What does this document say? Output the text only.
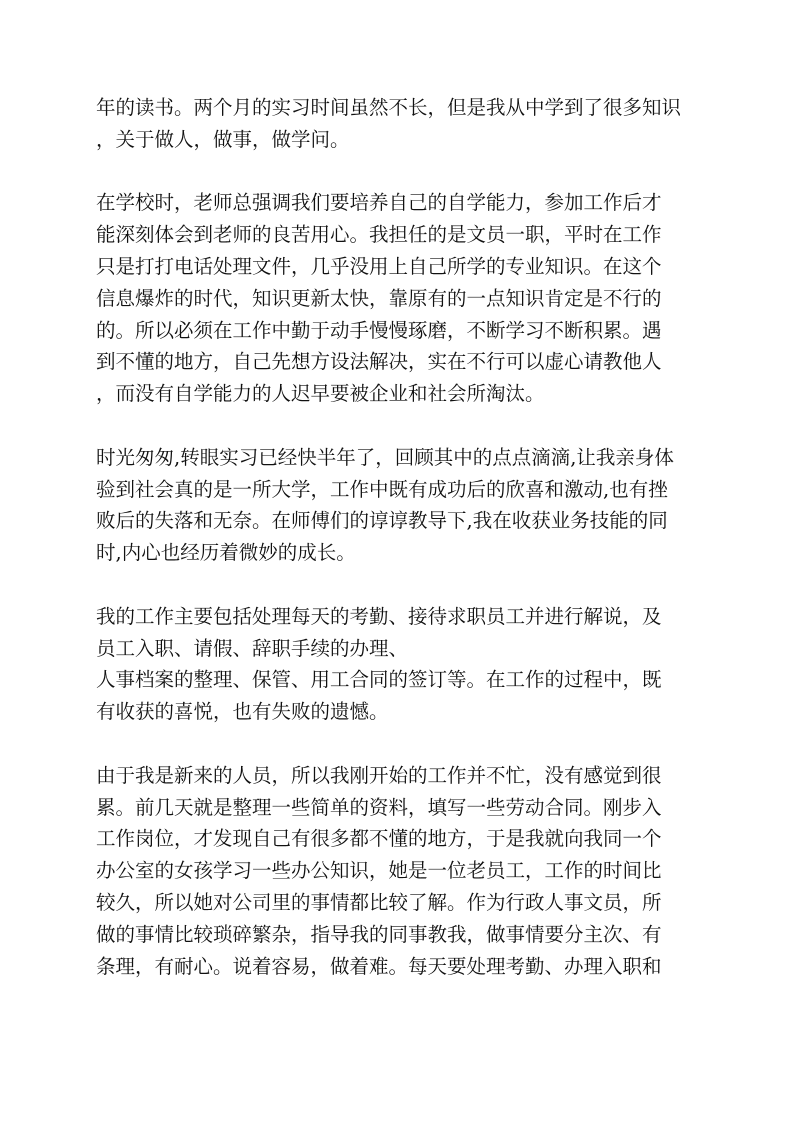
年的读书。两个月的实习时间虽然不长，但是我从中学到了很多知识
，关于做人，做事，做学问。

在学校时，老师总强调我们要培养自己的自学能力，参加工作后才
能深刻体会到老师的良苦用心。我担任的是文员一职，平时在工作
只是打打电话处理文件，几乎没用上自己所学的专业知识。在这个
信息爆炸的时代，知识更新太快，靠原有的一点知识肯定是不行的
的。所以必须在工作中勤于动手慢慢琢磨，不断学习不断积累。遇
到不懂的地方，自己先想方设法解决，实在不行可以虚心请教他人
，而没有自学能力的人迟早要被企业和社会所淘汰。

时光匆匆,转眼实习已经快半年了，回顾其中的点点滴滴,让我亲身体
验到社会真的是一所大学，工作中既有成功后的欣喜和激动,也有挫
败后的失落和无奈。在师傅们的谆谆教导下,我在收获业务技能的同
时,内心也经历着微妙的成长。

我的工作主要包括处理每天的考勤、接待求职员工并进行解说，及
员工入职、请假、辞职手续的办理、
人事档案的整理、保管、用工合同的签订等。在工作的过程中，既
有收获的喜悦，也有失败的遗憾。

由于我是新来的人员，所以我刚开始的工作并不忙，没有感觉到很
累。前几天就是整理一些简单的资料，填写一些劳动合同。刚步入
工作岗位，才发现自己有很多都不懂的地方，于是我就向我同一个
办公室的女孩学习一些办公知识，她是一位老员工，工作的时间比
较久，所以她对公司里的事情都比较了解。作为行政人事文员，所
做的事情比较琐碎繁杂，指导我的同事教我，做事情要分主次、有
条理，有耐心。说着容易，做着难。每天要处理考勤、办理入职和
